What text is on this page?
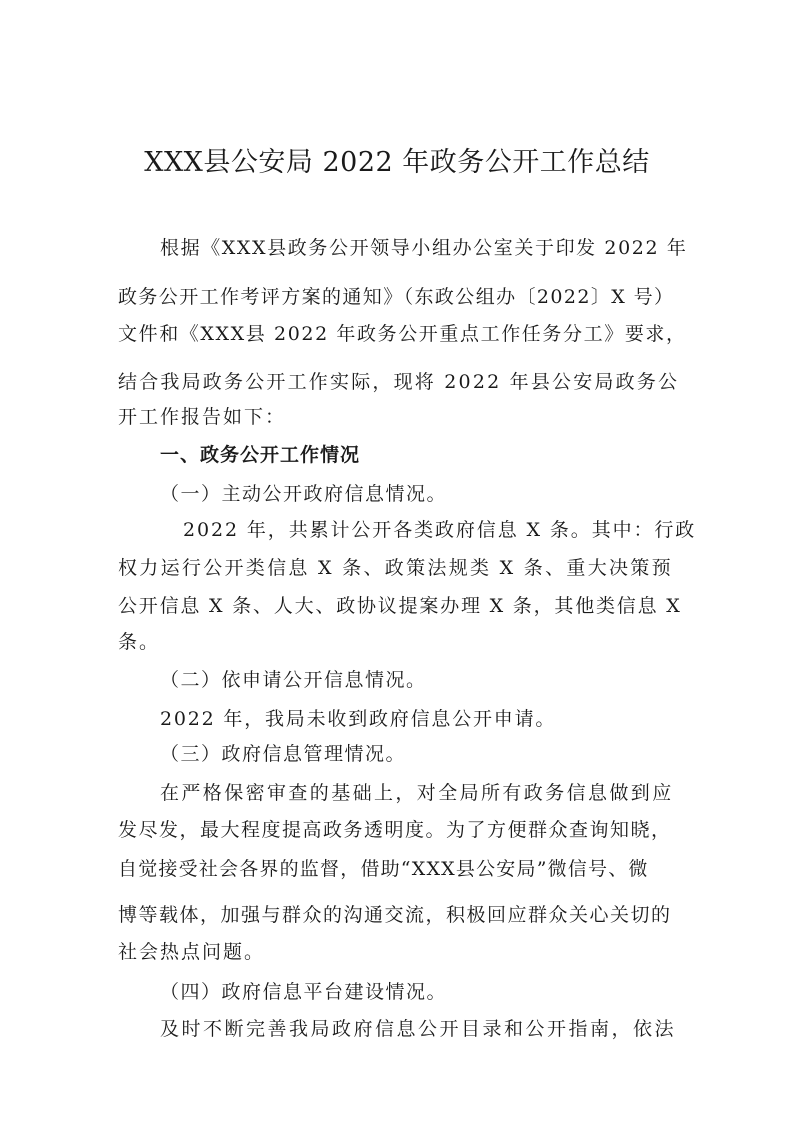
XXX县公安局 2022 年政务公开工作总结
根据《XXX县政务公开领导小组办公室关于印发 2022 年
政务公开工作考评方案的通知》（东政公组办〔2022〕X 号）
文件和《XXX县 2022 年政务公开重点工作任务分工》要求，
结合我局政务公开工作实际，现将 2022 年县公安局政务公
开工作报告如下：
一、政务公开工作情况
（一）主动公开政府信息情况。
2022 年，共累计公开各类政府信息 X 条。其中：行政
权力运行公开类信息 X 条、政策法规类 X 条、重大决策预
公开信息 X 条、人大、政协议提案办理 X 条，其他类信息 X
条。
（二）依申请公开信息情况。
2022 年，我局未收到政府信息公开申请。
（三）政府信息管理情况。
在严格保密审查的基础上，对全局所有政务信息做到应
发尽发，最大程度提高政务透明度。为了方便群众查询知晓，
自觉接受社会各界的监督，借助“XXX县公安局”微信号、微
博等载体，加强与群众的沟通交流，积极回应群众关心关切的
社会热点问题。
（四）政府信息平台建设情况。
及时不断完善我局政府信息公开目录和公开指南，依法
